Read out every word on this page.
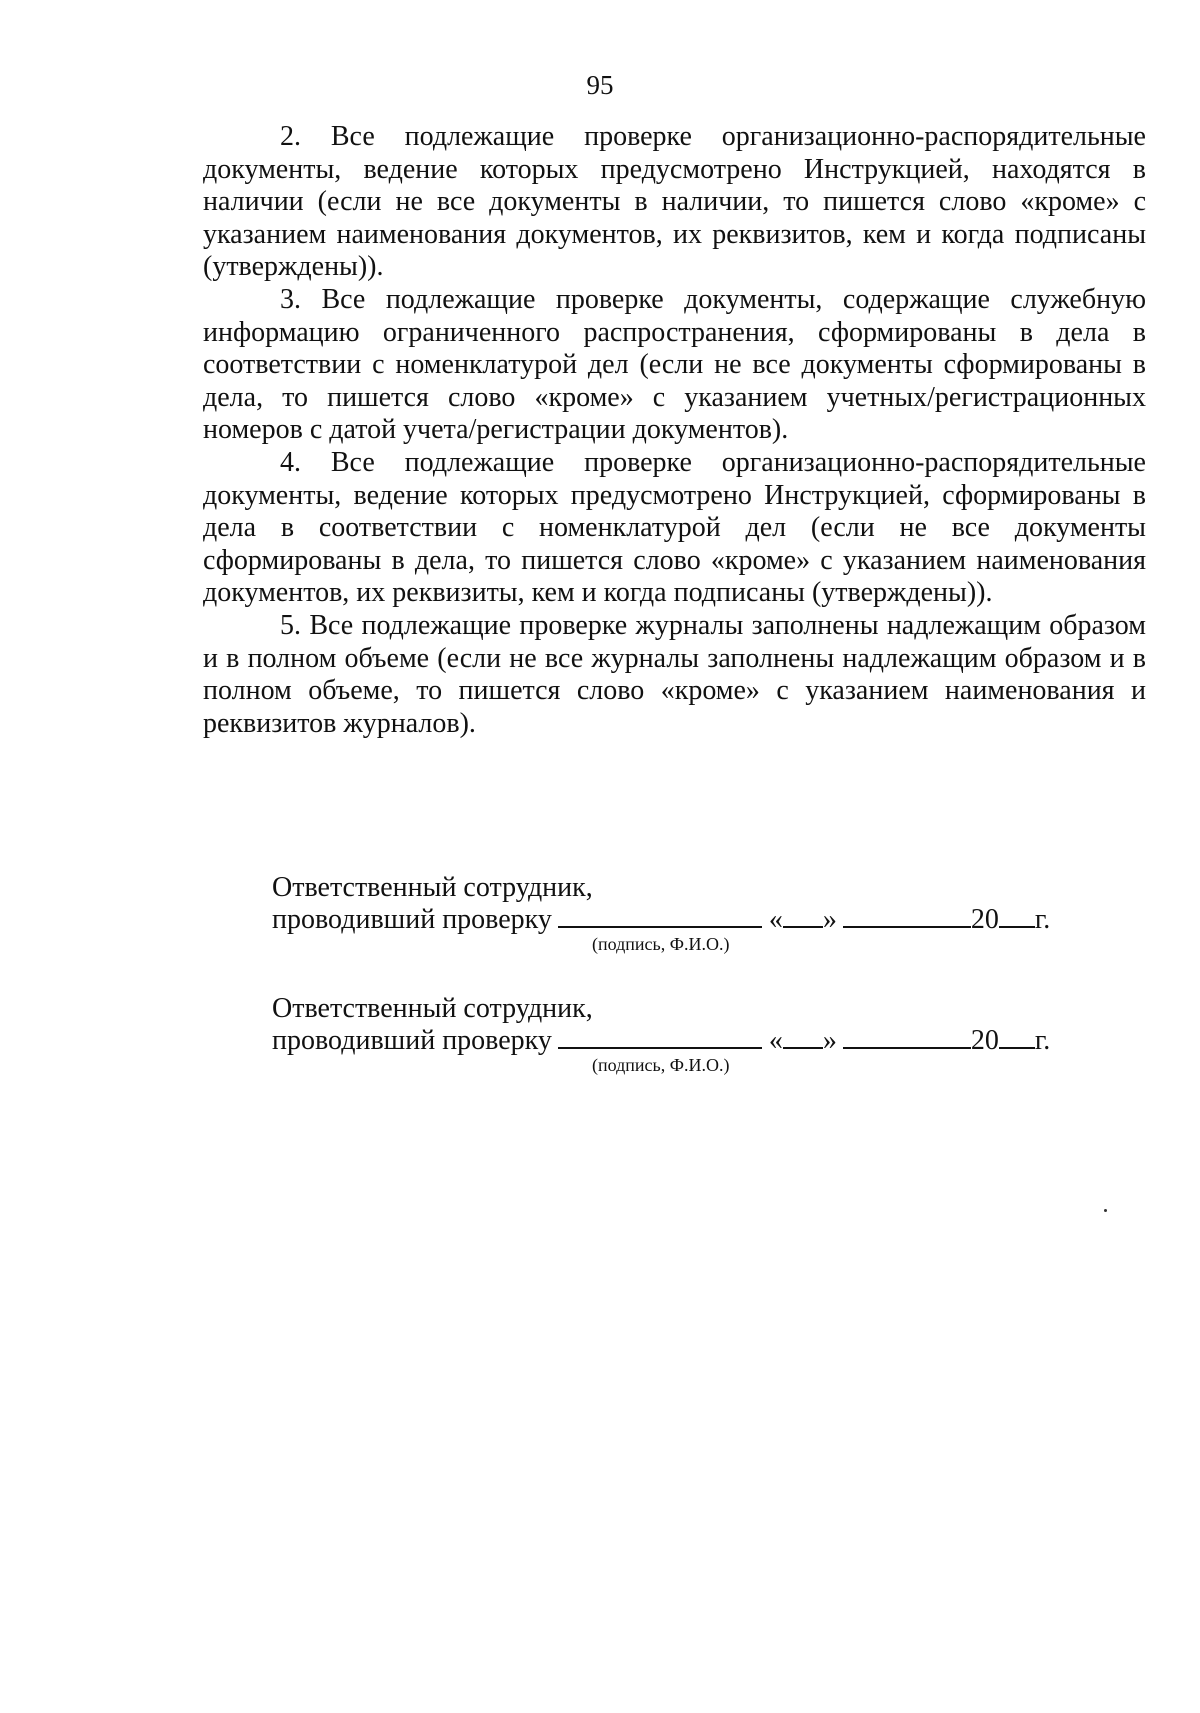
95

2. Все подлежащие проверке организационно-распорядительные документы, ведение которых предусмотрено Инструкцией, находятся в наличии (если не все документы в наличии, то пишется слово «кроме» с указанием наименования документов, их реквизитов, кем и когда подписаны (утверждены)).

3. Все подлежащие проверке документы, содержащие служебную информацию ограниченного распространения, сформированы в дела в соответствии с номенклатурой дел (если не все документы сформированы в дела, то пишется слово «кроме» с указанием учетных/регистрационных номеров с датой учета/регистрации документов).

4. Все подлежащие проверке организационно-распорядительные документы, ведение которых предусмотрено Инструкцией, сформированы в дела в соответствии с номенклатурой дел (если не все документы сформированы в дела, то пишется слово «кроме» с указанием наименования документов, их реквизиты, кем и когда подписаны (утверждены)).

5. Все подлежащие проверке журналы заполнены надлежащим образом и в полном объеме (если не все журналы заполнены надлежащим образом и в полном объеме, то пишется слово «кроме» с указанием наименования и реквизитов журналов).

Ответственный сотрудник,
проводивший проверку	« »	20 г.
(подпись, Ф.И.О.)
Ответственный сотрудник,
проводивший проверку	« »	20 г.
(подпись, Ф.И.О.)
